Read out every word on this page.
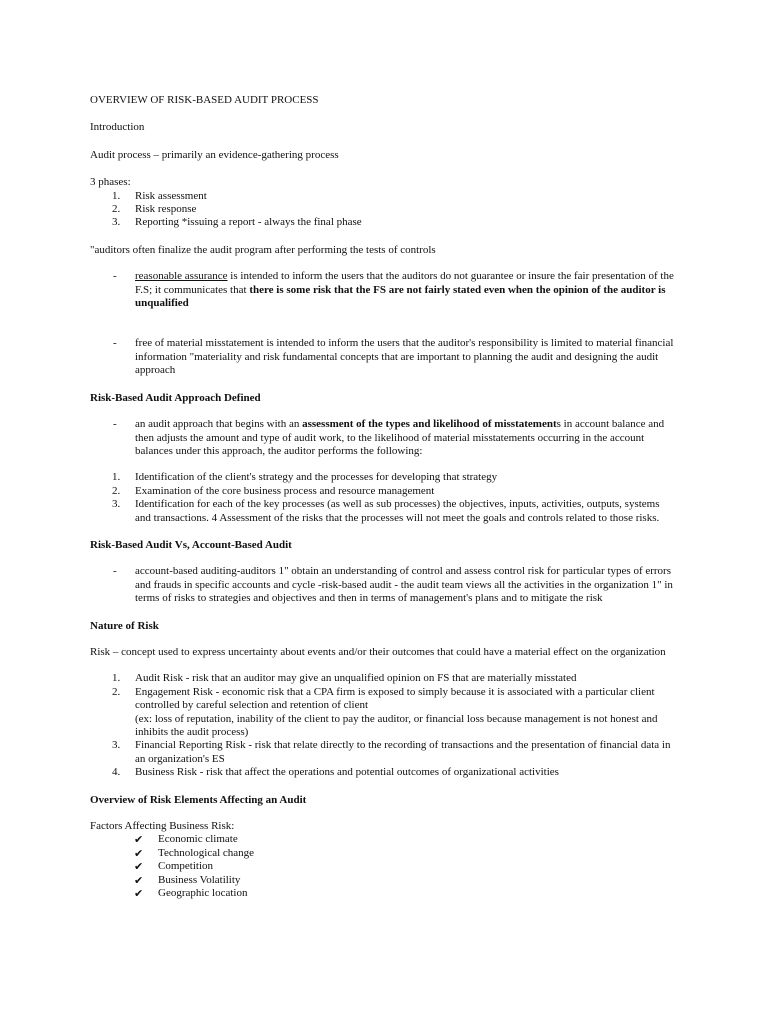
OVERVIEW OF RISK-BASED AUDIT PROCESS

Introduction

Audit process – primarily an evidence-gathering process

3 phases:

1. Risk assessment
2. Risk response
3. Reporting *issuing a report - always the final phase

"auditors often finalize the audit program after performing the tests of controls

- reasonable assurance is intended to inform the users that the auditors do not guarantee or insure the fair presentation of the F.S; it communicates that there is some risk that the FS are not fairly stated even when the opinion of the auditor is unqualified
- free of material misstatement is intended to inform the users that the auditor's responsibility is limited to material financial information "materiality and risk fundamental concepts that are important to planning the audit and designing the audit approach

Risk-Based Audit Approach Defined

- an audit approach that begins with an assessment of the types and likelihood of misstatements in account balance and then adjusts the amount and type of audit work, to the likelihood of material misstatements occurring in the account balances under this approach, the auditor performs the following:
1. Identification of the client's strategy and the processes for developing that strategy
2. Examination of the core business process and resource management
3. Identification for each of the key processes (as well as sub processes) the objectives, inputs, activities, outputs, systems and transactions. 4 Assessment of the risks that the processes will not meet the goals and controls related to those risks.

Risk-Based Audit Vs, Account-Based Audit

- account-based auditing-auditors 1" obtain an understanding of control and assess control risk for particular types of errors and frauds in specific accounts and cycle -risk-based audit - the audit team views all the activities in the organization 1" in terms of risks to strategies and objectives and then in terms of management's plans and to mitigate the risk

Nature of Risk

Risk – concept used to express uncertainty about events and/or their outcomes that could have a material effect on the organization

1. Audit Risk - risk that an auditor may give an unqualified opinion on FS that are materially misstated
2. Engagement Risk - economic risk that a CPA firm is exposed to simply because it is associated with a particular client controlled by careful selection and retention of client
(ex: loss of reputation, inability of the client to pay the auditor, or financial loss because management is not honest and inhibits the audit process)
3. Financial Reporting Risk - risk that relate directly to the recording of transactions and the presentation of financial data in an organization's ES
4. Business Risk - risk that affect the operations and potential outcomes of organizational activities

Overview of Risk Elements Affecting an Audit

Factors Affecting Business Risk:

✔ Economic climate
✔ Technological change
✔ Competition
✔ Business Volatility
✔ Geographic location
